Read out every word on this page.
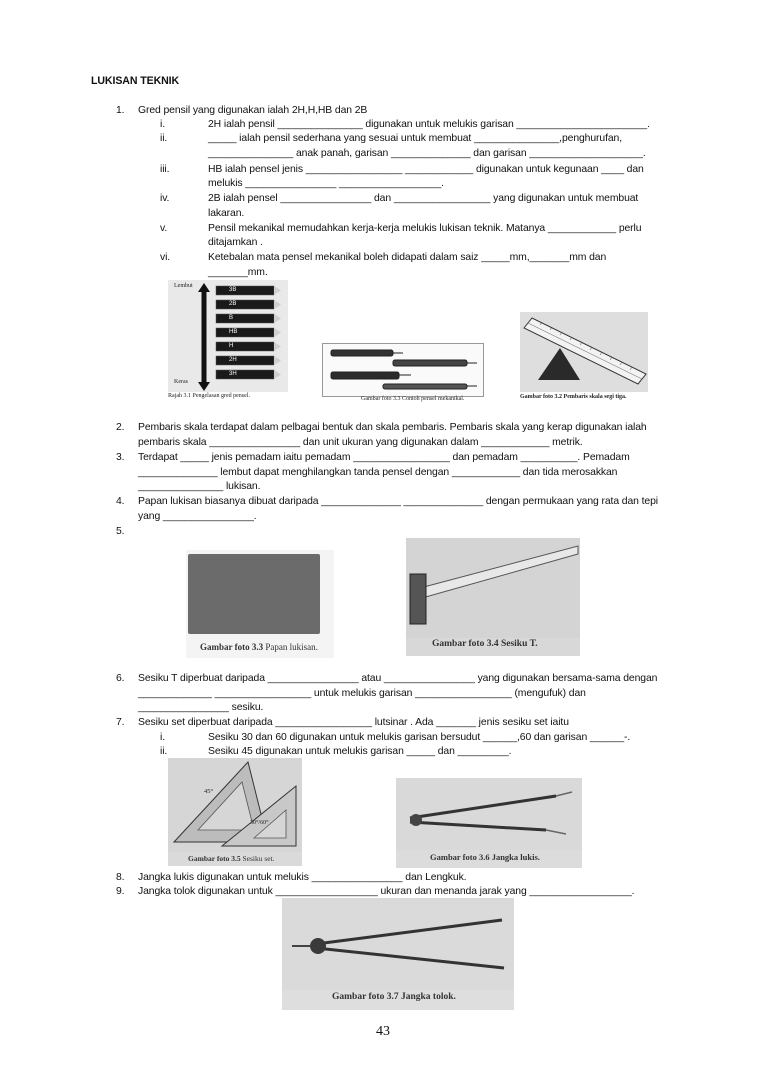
LUKISAN TEKNIK
1. Gred pensil yang digunakan ialah 2H,H,HB dan 2B
i.	2H ialah pensil _______________ digunakan untuk melukis garisan _______________________.
ii.	_____ ialah pensil sederhana yang sesuai untuk membuat _______________,penghurufan,
_______________ anak panah, garisan ______________ dan garisan ____________________.
iii.	HB ialah pensel jenis _________________ ____________ digunakan untuk kegunaan ____ dan
melukis ________________ __________________.
iv.	2B ialah pensel ________________ dan _________________ yang digunakan untuk membuat
lakaran.
v.	Pensil mekanikal memudahkan kerja-kerja melukis lukisan teknik. Matanya ____________ perlu
ditajamkan .
vi.	Ketebalan mata pensel mekanikal boleh didapati dalam saiz _____mm,_______mm dan
_______mm.
Lembut
Keras
3B
2B
B
HB
H
2H
3H
Rajah 3.1 Pengelasan gred pensel.	Gambar foto 3.3 Contoh pensel mekanikal.	Gambar foto 3.2 Pembaris skala segi tiga.
2. Pembaris skala terdapat dalam pelbagai bentuk dan skala pembaris. Pembaris skala yang kerap digunakan ialah
pembaris skala ________________ dan unit ukuran yang digunakan dalam ____________ metrik.
3. Terdapat _____ jenis pemadam iaitu pemadam _________________ dan pemadam __________. Pemadam
______________ lembut dapat menghilangkan tanda pensel dengan ____________ dan tida merosakkan
_______________ lukisan.
4. Papan lukisan biasanya dibuat daripada ______________ ______________ dengan permukaan yang rata dan tepi
yang ________________.
5.
Gambar foto 3.3 Papan lukisan.	Gambar foto 3.4 Sesiku T.
6. Sesiku T diperbuat daripada ________________ atau ________________ yang digunakan bersama-sama dengan
_____________ _________________ untuk melukis garisan _________________ (mengufuk) dan
________________ sesiku.
7. Sesiku set diperbuat daripada _________________ lutsinar . Ada _______ jenis sesiku set iaitu
i.	Sesiku 30 dan 60 digunakan untuk melukis garisan bersudut ______,60 dan garisan ______-.
ii.	Sesiku 45 digunakan untuk melukis garisan _____ dan _________.
45°
30°/60°
Gambar foto 3.5 Sesiku set.	Gambar foto 3.6 Jangka lukis.
8. Jangka lukis digunakan untuk melukis ________________ dan Lengkuk.
9. Jangka tolok digunakan untuk __________________ ukuran dan menanda jarak yang __________________.
Gambar foto 3.7 Jangka tolok.
43
